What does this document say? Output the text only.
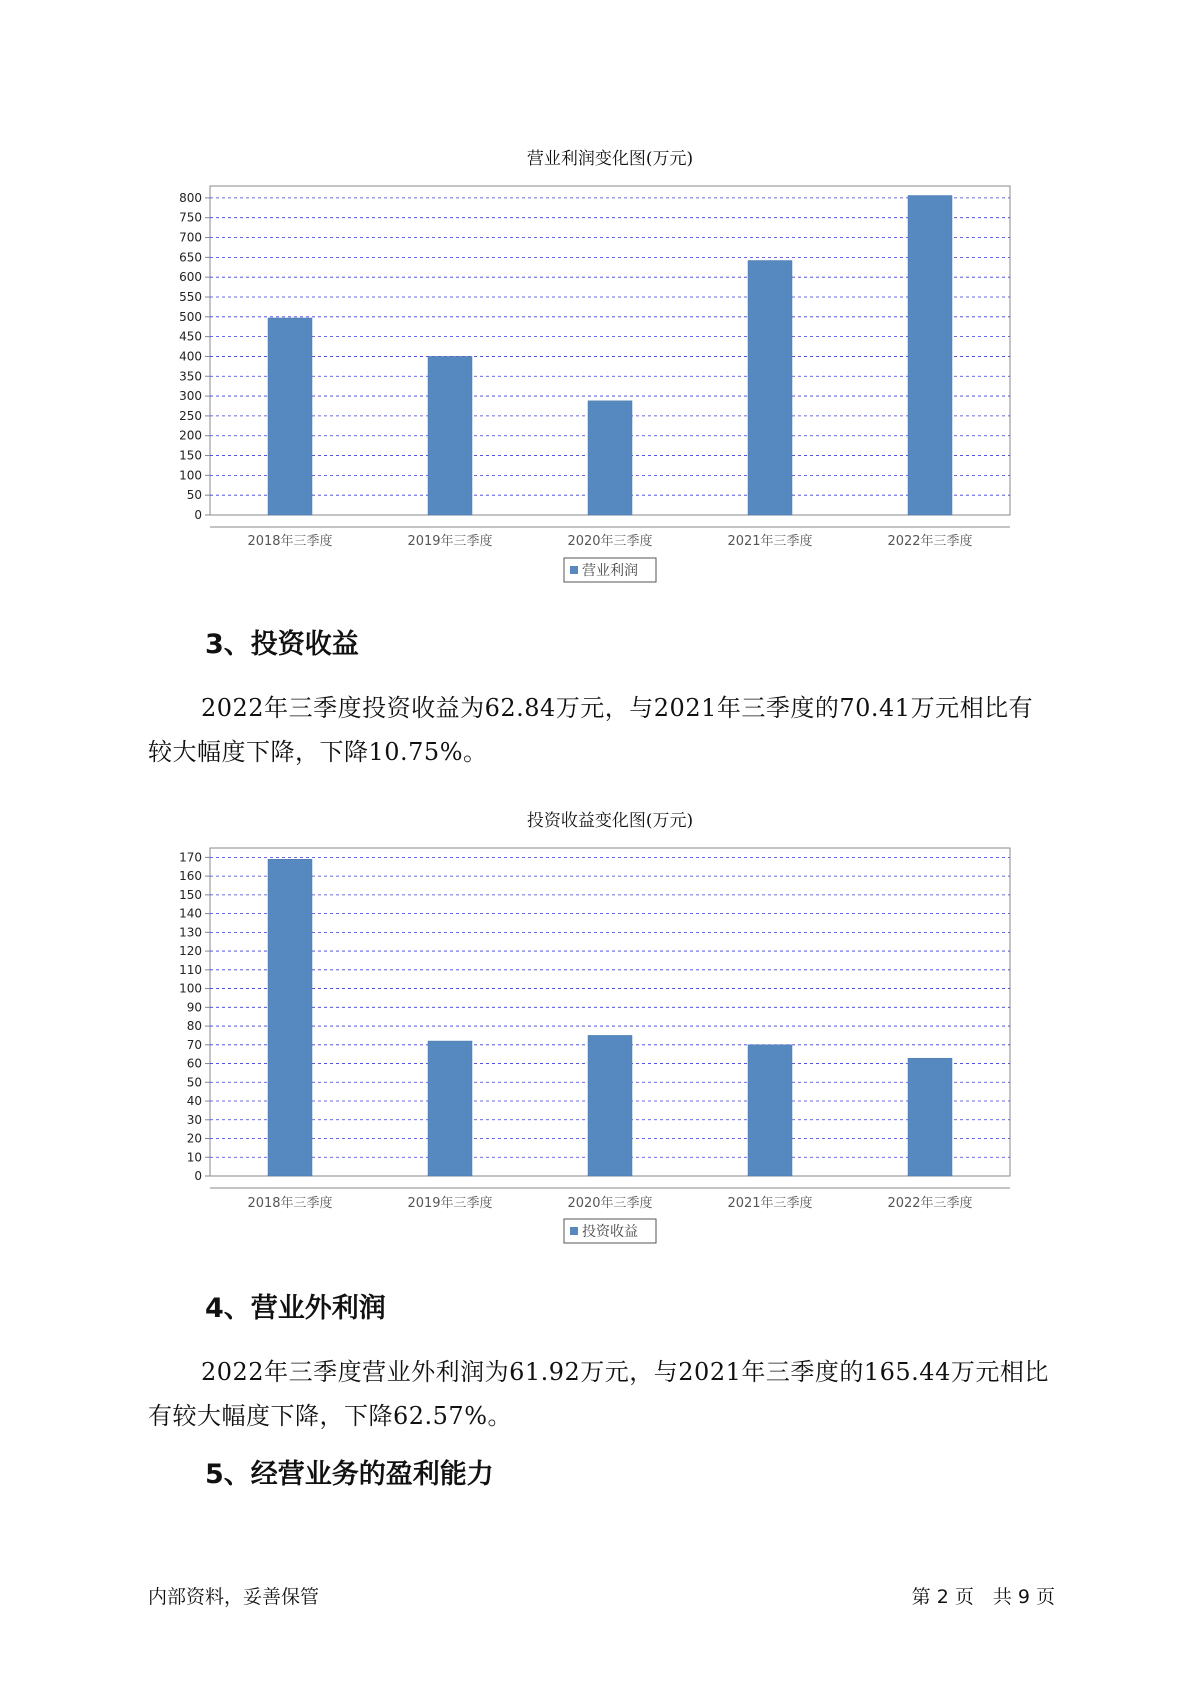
营业利润变化图(万元)
0
50
100
150
200
250
300
350
400
450
500
550
600
650
700
750
800
2018年三季度	2019年三季度	2020年三季度	2021年三季度	2022年三季度
营业利润
3、投资收益

2022年三季度投资收益为62.84万元，与2021年三季度的70.41万元相比有较大幅度下降，下降10.75%。

投资收益变化图(万元)
0
10
20
30
40
50
60
70
80
90
100
110
120
130
140
150
160
170
2018年三季度	2019年三季度	2020年三季度	2021年三季度	2022年三季度
投资收益
4、营业外利润

2022年三季度营业外利润为61.92万元，与2021年三季度的165.44万元相比有较大幅度下降，下降62.57%。

5、经营业务的盈利能力
内部资料，妥善保管	第 2 页　共 9 页
